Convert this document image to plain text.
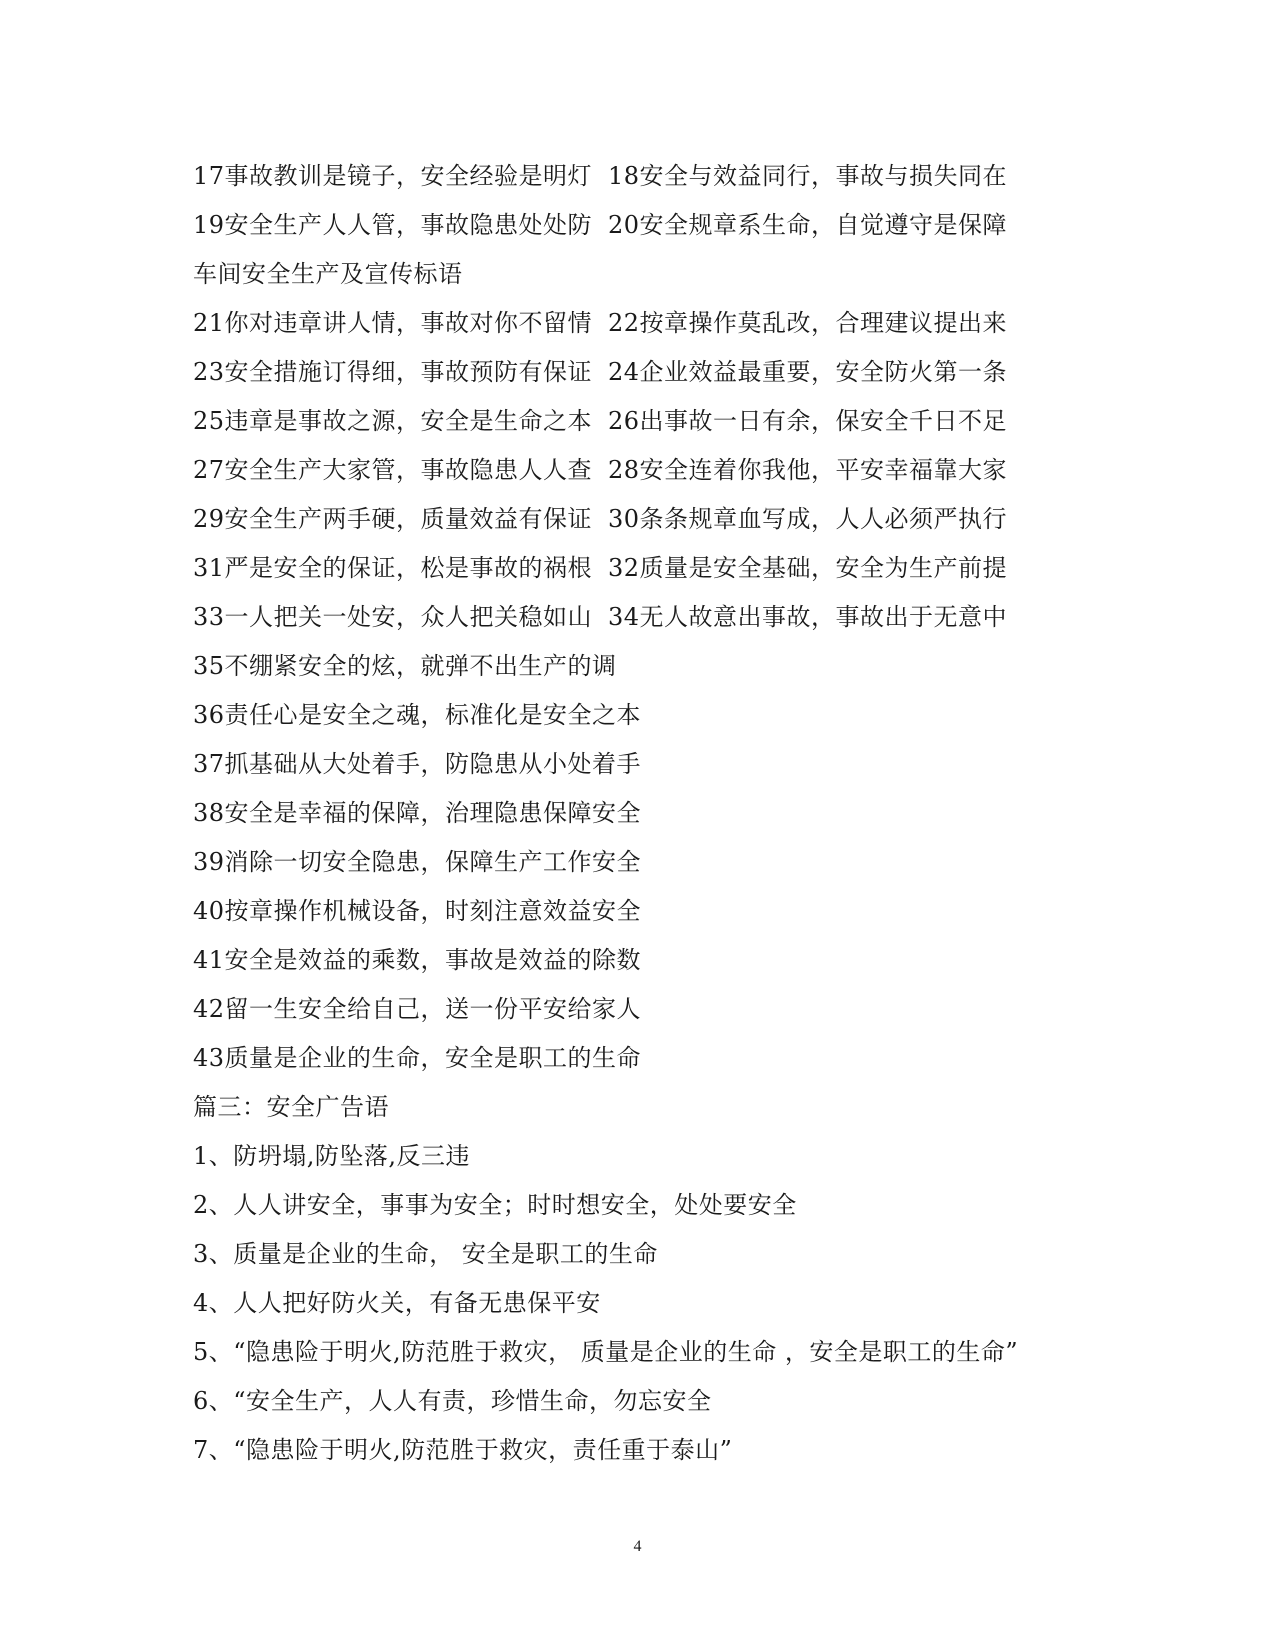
17事故教训是镜子，安全经验是明灯 18安全与效益同行，事故与损失同在
19安全生产人人管，事故隐患处处防 20安全规章系生命，自觉遵守是保障
车间安全生产及宣传标语
21你对违章讲人情，事故对你不留情 22按章操作莫乱改，合理建议提出来
23安全措施订得细，事故预防有保证 24企业效益最重要，安全防火第一条
25违章是事故之源，安全是生命之本 26出事故一日有余，保安全千日不足
27安全生产大家管，事故隐患人人查 28安全连着你我他，平安幸福靠大家
29安全生产两手硬，质量效益有保证 30条条规章血写成，人人必须严执行
31严是安全的保证，松是事故的祸根 32质量是安全基础，安全为生产前提
33一人把关一处安，众人把关稳如山 34无人故意出事故，事故出于无意中
35不绷紧安全的炫，就弹不出生产的调
36责任心是安全之魂，标准化是安全之本
37抓基础从大处着手，防隐患从小处着手
38安全是幸福的保障，治理隐患保障安全
39消除一切安全隐患，保障生产工作安全
40按章操作机械设备，时刻注意效益安全
41安全是效益的乘数，事故是效益的除数
42留一生安全给自己，送一份平安给家人
43质量是企业的生命，安全是职工的生命
篇三：安全广告语
1、防坍塌,防坠落,反三违
2、人人讲安全，事事为安全；时时想安全，处处要安全
3、质量是企业的生命， 安全是职工的生命
4、人人把好防火关，有备无患保平安
5、“隐患险于明火,防范胜于救灾， 质量是企业的生命 ，安全是职工的生命”
6、“安全生产，人人有责，珍惜生命，勿忘安全
7、“隐患险于明火,防范胜于救灾，责任重于泰山”
4
